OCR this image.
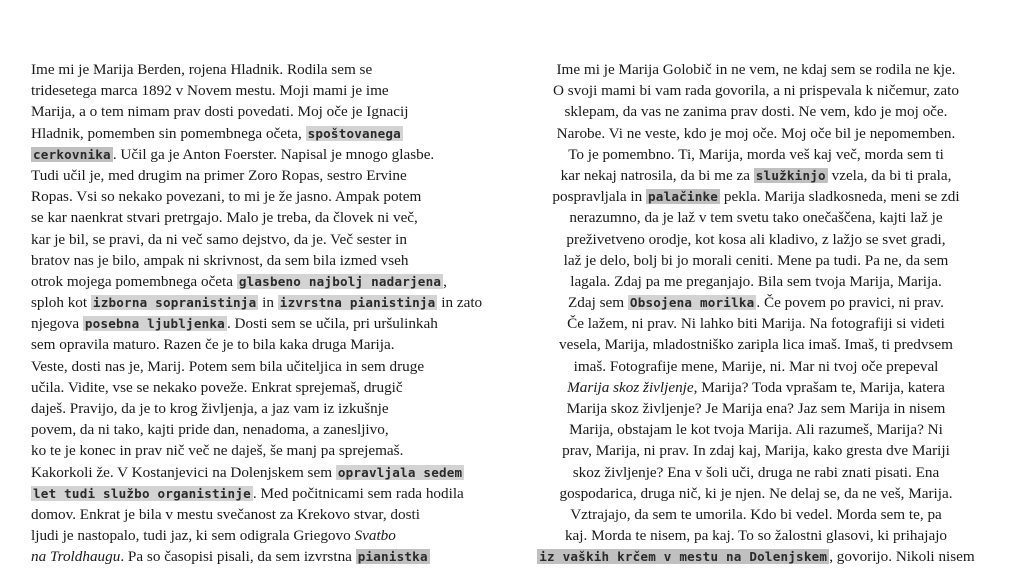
Ime mi je Marija Berden, rojena Hladnik. Rodila sem se
tridesetega marca 1892 v Novem mestu. Moji mami je ime
Marija, a o tem nimam prav dosti povedati. Moj oče je Ignacij
Hladnik, pomemben sin pomembnega očeta, spoštovanega
cerkovnika . Učil ga je Anton Foerster. Napisal je mnogo glasbe.
Tudi učil je, med drugim na primer Zoro Ropas, sestro Ervine
Ropas. Vsi so nekako povezani, to mi je že jasno. Ampak potem
se kar naenkrat stvari pretrgajo. Malo je treba, da človek ni več,
kar je bil, se pravi, da ni več samo dejstvo, da je. Več sester in
bratov nas je bilo, ampak ni skrivnost, da sem bila izmed vseh
otrok mojega pomembnega očeta glasbeno najbolj nadarjena ,
sploh kot izborna sopranistinja in izvrstna pianistinja in zato
njegova posebna ljubljenka . Dosti sem se učila, pri uršulinkah
sem opravila maturo. Razen če je to bila kaka druga Marija.
Veste, dosti nas je, Marij. Potem sem bila učiteljica in sem druge
učila. Vidite, vse se nekako poveže. Enkrat sprejemaš, drugič
daješ. Pravijo, da je to krog življenja, a jaz vam iz izkušnje
povem, da ni tako, kajti pride dan, nenadoma, a zanesljivo,
ko te je konec in prav nič več ne daješ, še manj pa sprejemaš.
Kakorkoli že. V Kostanjevici na Dolenjskem sem opravljala sedem
let tudi službo organistinje . Med počitnicami sem rada hodila
domov. Enkrat je bila v mestu svečanost za Krekovo stvar, dosti
ljudi je nastopalo, tudi jaz, ki sem odigrala Griegovo Svatbo
na Troldhaugu. Pa so časopisi pisali, da sem izvrstna pianistka
Ime mi je Marija Golobič in ne vem, ne kdaj sem se rodila ne kje.
O svoji mami bi vam rada govorila, a ni prispevala k ničemur, zato
sklepam, da vas ne zanima prav dosti. Ne vem, kdo je moj oče.
Narobe. Vi ne veste, kdo je moj oče. Moj oče bil je nepomemben.
To je pomembno. Ti, Marija, morda veš kaj več, morda sem ti
kar nekaj natrosila, da bi me za služkinjo vzela, da bi ti prala,
pospravljala in palačinke pekla. Marija sladkosneda, meni se zdi
nerazumno, da je laž v tem svetu tako onečaščena, kajti laž je
preživetveno orodje, kot kosa ali kladivo, z lažjo se svet gradi,
laž je delo, bolj bi jo morali ceniti. Mene pa tudi. Pa ne, da sem
lagala. Zdaj pa me preganjajo. Bila sem tvoja Marija, Marija.
Zdaj sem Obsojena morilka . Če povem po pravici, ni prav.
Če lažem, ni prav. Ni lahko biti Marija. Na fotografiji si videti
vesela, Marija, mladostniško zaripla lica imaš. Imaš, ti predvsem
imaš. Fotografije mene, Marije, ni. Mar ni tvoj oče prepeval
Marija skoz življenje, Marija? Toda vprašam te, Marija, katera
Marija skoz življenje? Je Marija ena? Jaz sem Marija in nisem
Marija, obstajam le kot tvoja Marija. Ali razumeš, Marija? Ni
prav, Marija, ni prav. In zdaj kaj, Marija, kako gresta dve Mariji
skoz življenje? Ena v šoli uči, druga ne rabi znati pisati. Ena
gospodarica, druga nič, ki je njen. Ne delaj se, da ne veš, Marija.
Vztrajajo, da sem te umorila. Kdo bi vedel. Morda sem te, pa
kaj. Morda te nisem, pa kaj. To so žalostni glasovi, ki prihajajo
iz vaških krčem v mestu na Dolenjskem , govorijo. Nikoli nisem
